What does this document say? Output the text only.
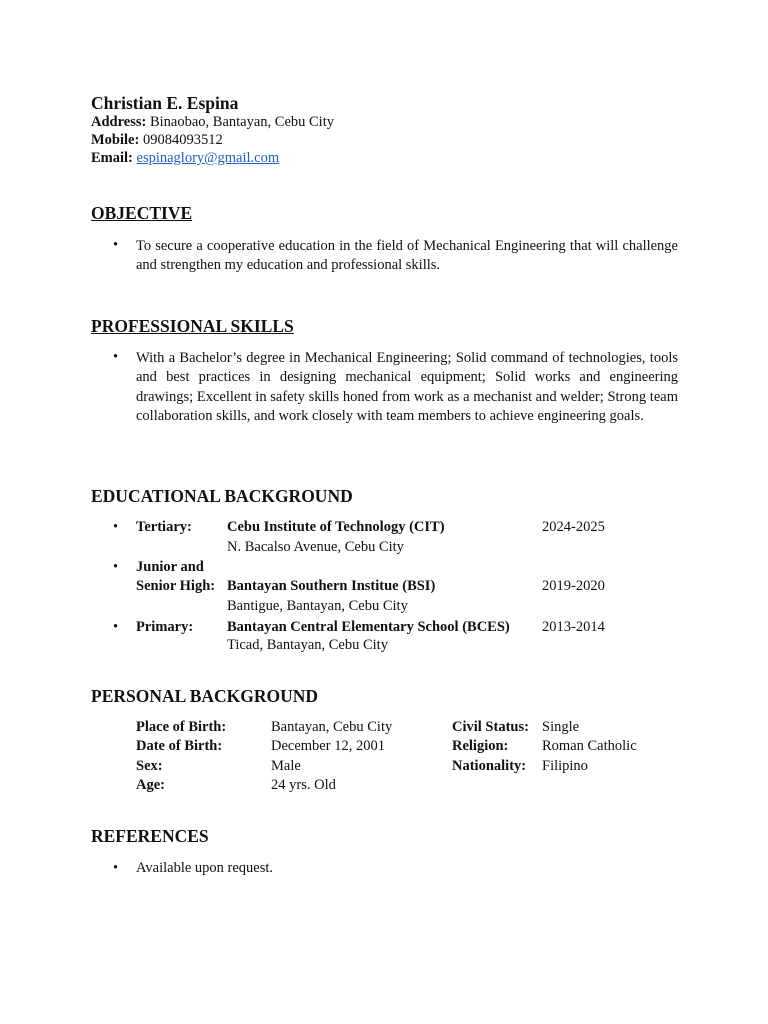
Christian E. Espina
Address: Binaobao, Bantayan, Cebu City
Mobile: 09084093512
Email: espinaglory@gmail.com
OBJECTIVE
• To secure a cooperative education in the field of Mechanical Engineering that will challenge and strengthen my education and professional skills.
PROFESSIONAL SKILLS
• With a Bachelor’s degree in Mechanical Engineering; Solid command of technologies, tools and best practices in designing mechanical equipment; Solid works and engineering drawings; Excellent in safety skills honed from work as a mechanist and welder; Strong team collaboration skills, and work closely with team members to achieve engineering goals.
EDUCATIONAL BACKGROUND
• Tertiary: Cebu Institute of Technology (CIT)	2024-2025
N. Bacalso Avenue, Cebu City
• Junior and
Senior High: Bantayan Southern Institue (BSI)	2019-2020
Bantigue, Bantayan, Cebu City
• Primary: Bantayan Central Elementary School (BCES) 2013-2014
Ticad, Bantayan, Cebu City
PERSONAL BACKGROUND
Place of Birth:	Bantayan, Cebu City	Civil Status: Single
Date of Birth:	December 12, 2001	Religion: Roman Catholic
Sex:	Male	Nationality: Filipino
Age:	24 yrs. Old
REFERENCES
• Available upon request.
